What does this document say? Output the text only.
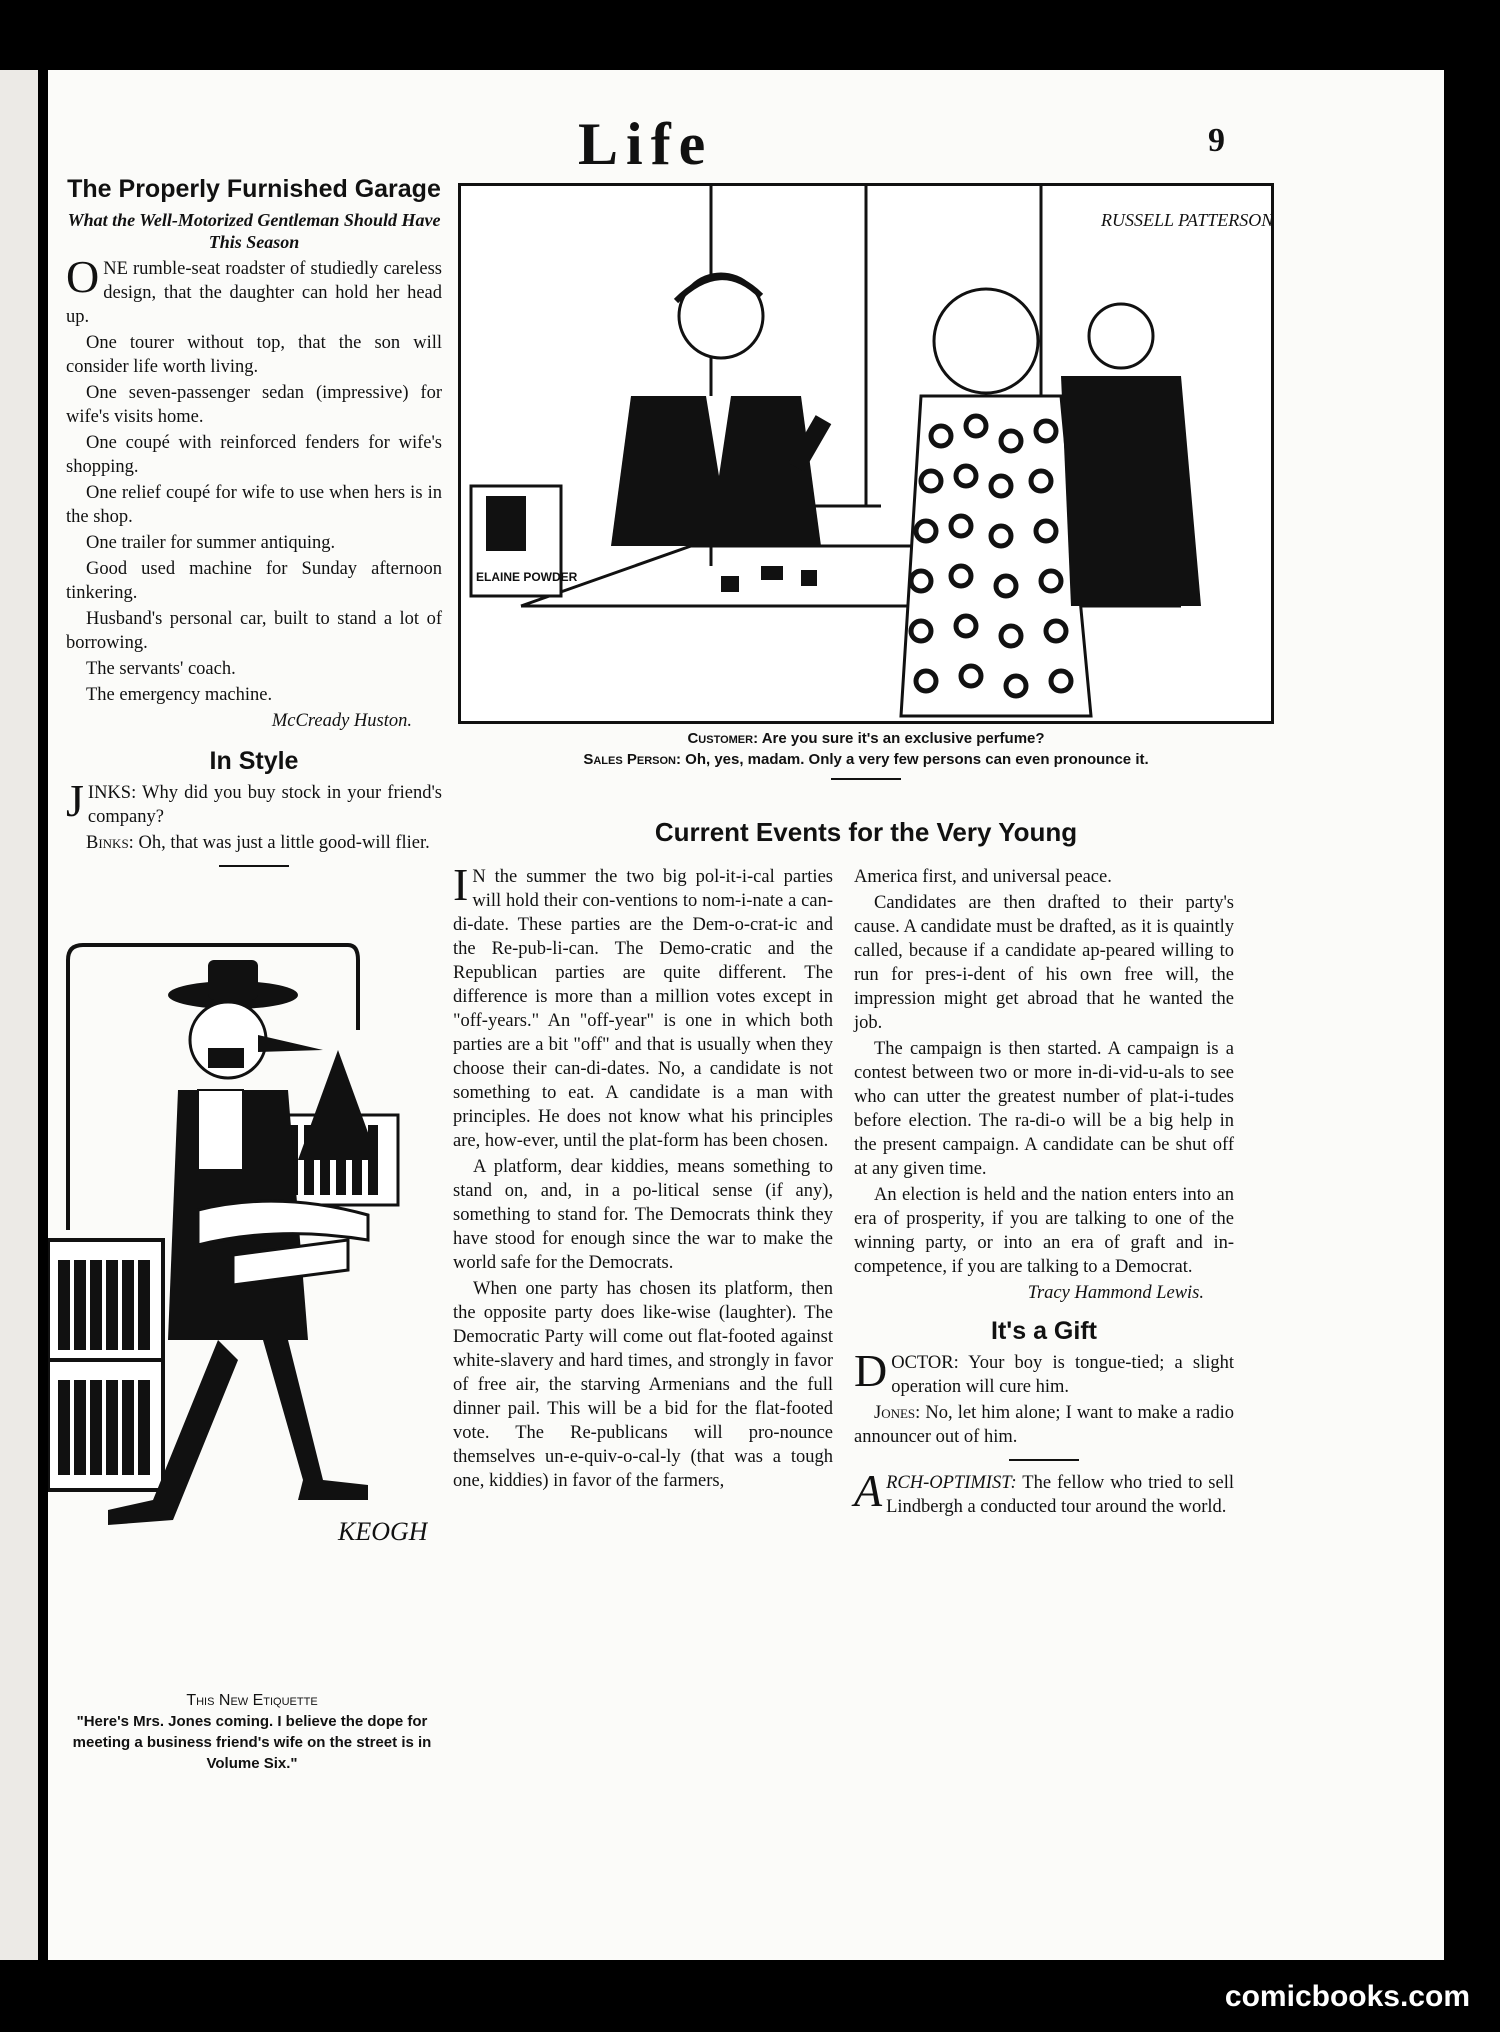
Life	9
The Properly Furnished Garage
What the Well-Motorized Gentleman Should Have This Season

ONE rumble-seat roadster of studiedly careless design, that the daughter can hold her head up.

One tourer without top, that the son will consider life worth living.

One seven-passenger sedan (impressive) for wife's visits home.

One coupé with reinforced fenders for wife's shopping.

One relief coupé for wife to use when hers is in the shop.

One trailer for summer antiquing.

Good used machine for Sunday afternoon tinkering.

Husband's personal car, built to stand a lot of borrowing.

The servants' coach.

The emergency machine.

McCready Huston.
In Style

JINKS: Why did you buy stock in your friend's company?

Binks: Oh, that was just a little good-will flier.

KEOGH
This New Etiquette
"Here's Mrs. Jones coming. I believe the dope for meeting a business friend's wife on the street is in Volume Six."
ELAINE POWDER
RUSSELL PATTERSON
Customer: Are you sure it's an exclusive perfume?
Sales Person: Oh, yes, madam. Only a very few persons can even pronounce it.
Current Events for the Very Young

I N the summer the two big pol-it-i-cal parties will hold their con-ventions to nom-i-nate a can-di-date. These parties are the Dem-o-crat-ic and the Re-pub-li-can. The Demo-cratic and the Republican parties are quite different. The difference is more than a million votes except in "off-years." An "off-year" is one in which both parties are a bit "off" and that is usually when they choose their can-di-dates. No, a candidate is not something to eat. A candidate is a man with principles. He does not know what his principles are, how-ever, until the plat-form has been chosen.

A platform, dear kiddies, means something to stand on, and, in a po-litical sense (if any), something to stand for. The Democrats think they have stood for enough since the war to make the world safe for the Democrats.

When one party has chosen its platform, then the opposite party does like-wise (laughter). The Democratic Party will come out flat-footed against white-slavery and hard times, and strongly in favor of free air, the starving Armenians and the full dinner pail. This will be a bid for the flat-footed vote. The Re-publicans will pro-nounce themselves un-e-quiv-o-cal-ly (that was a tough one, kiddies) in favor of the farmers,

America first, and universal peace.

Candidates are then drafted to their party's cause. A candidate must be drafted, as it is quaintly called, because if a candidate ap-peared willing to run for pres-i-dent of his own free will, the impression might get abroad that he wanted the job.

The campaign is then started. A campaign is a contest between two or more in-di-vid-u-als to see who can utter the greatest number of plat-i-tudes before election. The ra-di-o will be a big help in the present campaign. A candidate can be shut off at any given time.

An election is held and the nation enters into an era of prosperity, if you are talking to one of the winning party, or into an era of graft and in-competence, if you are talking to a Democrat.

Tracy Hammond Lewis.
It's a Gift

DOCTOR: Your boy is tongue-tied; a slight operation will cure him.

Jones: No, let him alone; I want to make a radio announcer out of him.

ARCH-OPTIMIST: The fellow who tried to sell Lindbergh a conducted tour around the world.

comicbooks.com
